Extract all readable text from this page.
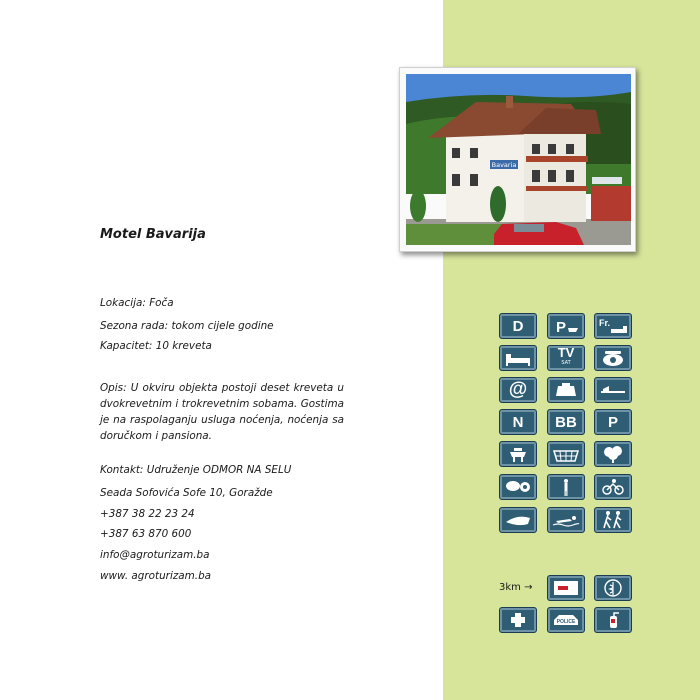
Bavaria
Motel Bavarija
Lokacija: Foča
Sezona rada: tokom cijele godine
Kapacitet: 10 kreveta
Opis: U okviru objekta postoji deset kreveta u dvokrevetnim i trokrevetnim sobama. Gostima je na raspolaganju usluga noćenja, noćenja sa doručkom i pansiona.
Kontakt: Udruženje ODMOR NA SELU
Seada Sofovića Sofe 10, Goražde
+387 38 22 23 24
+387 63 870 600
info@agroturizam.ba
www. agroturizam.ba
D P	Fr.
TV
SAT
@
N BB P
3km →
POLICE
